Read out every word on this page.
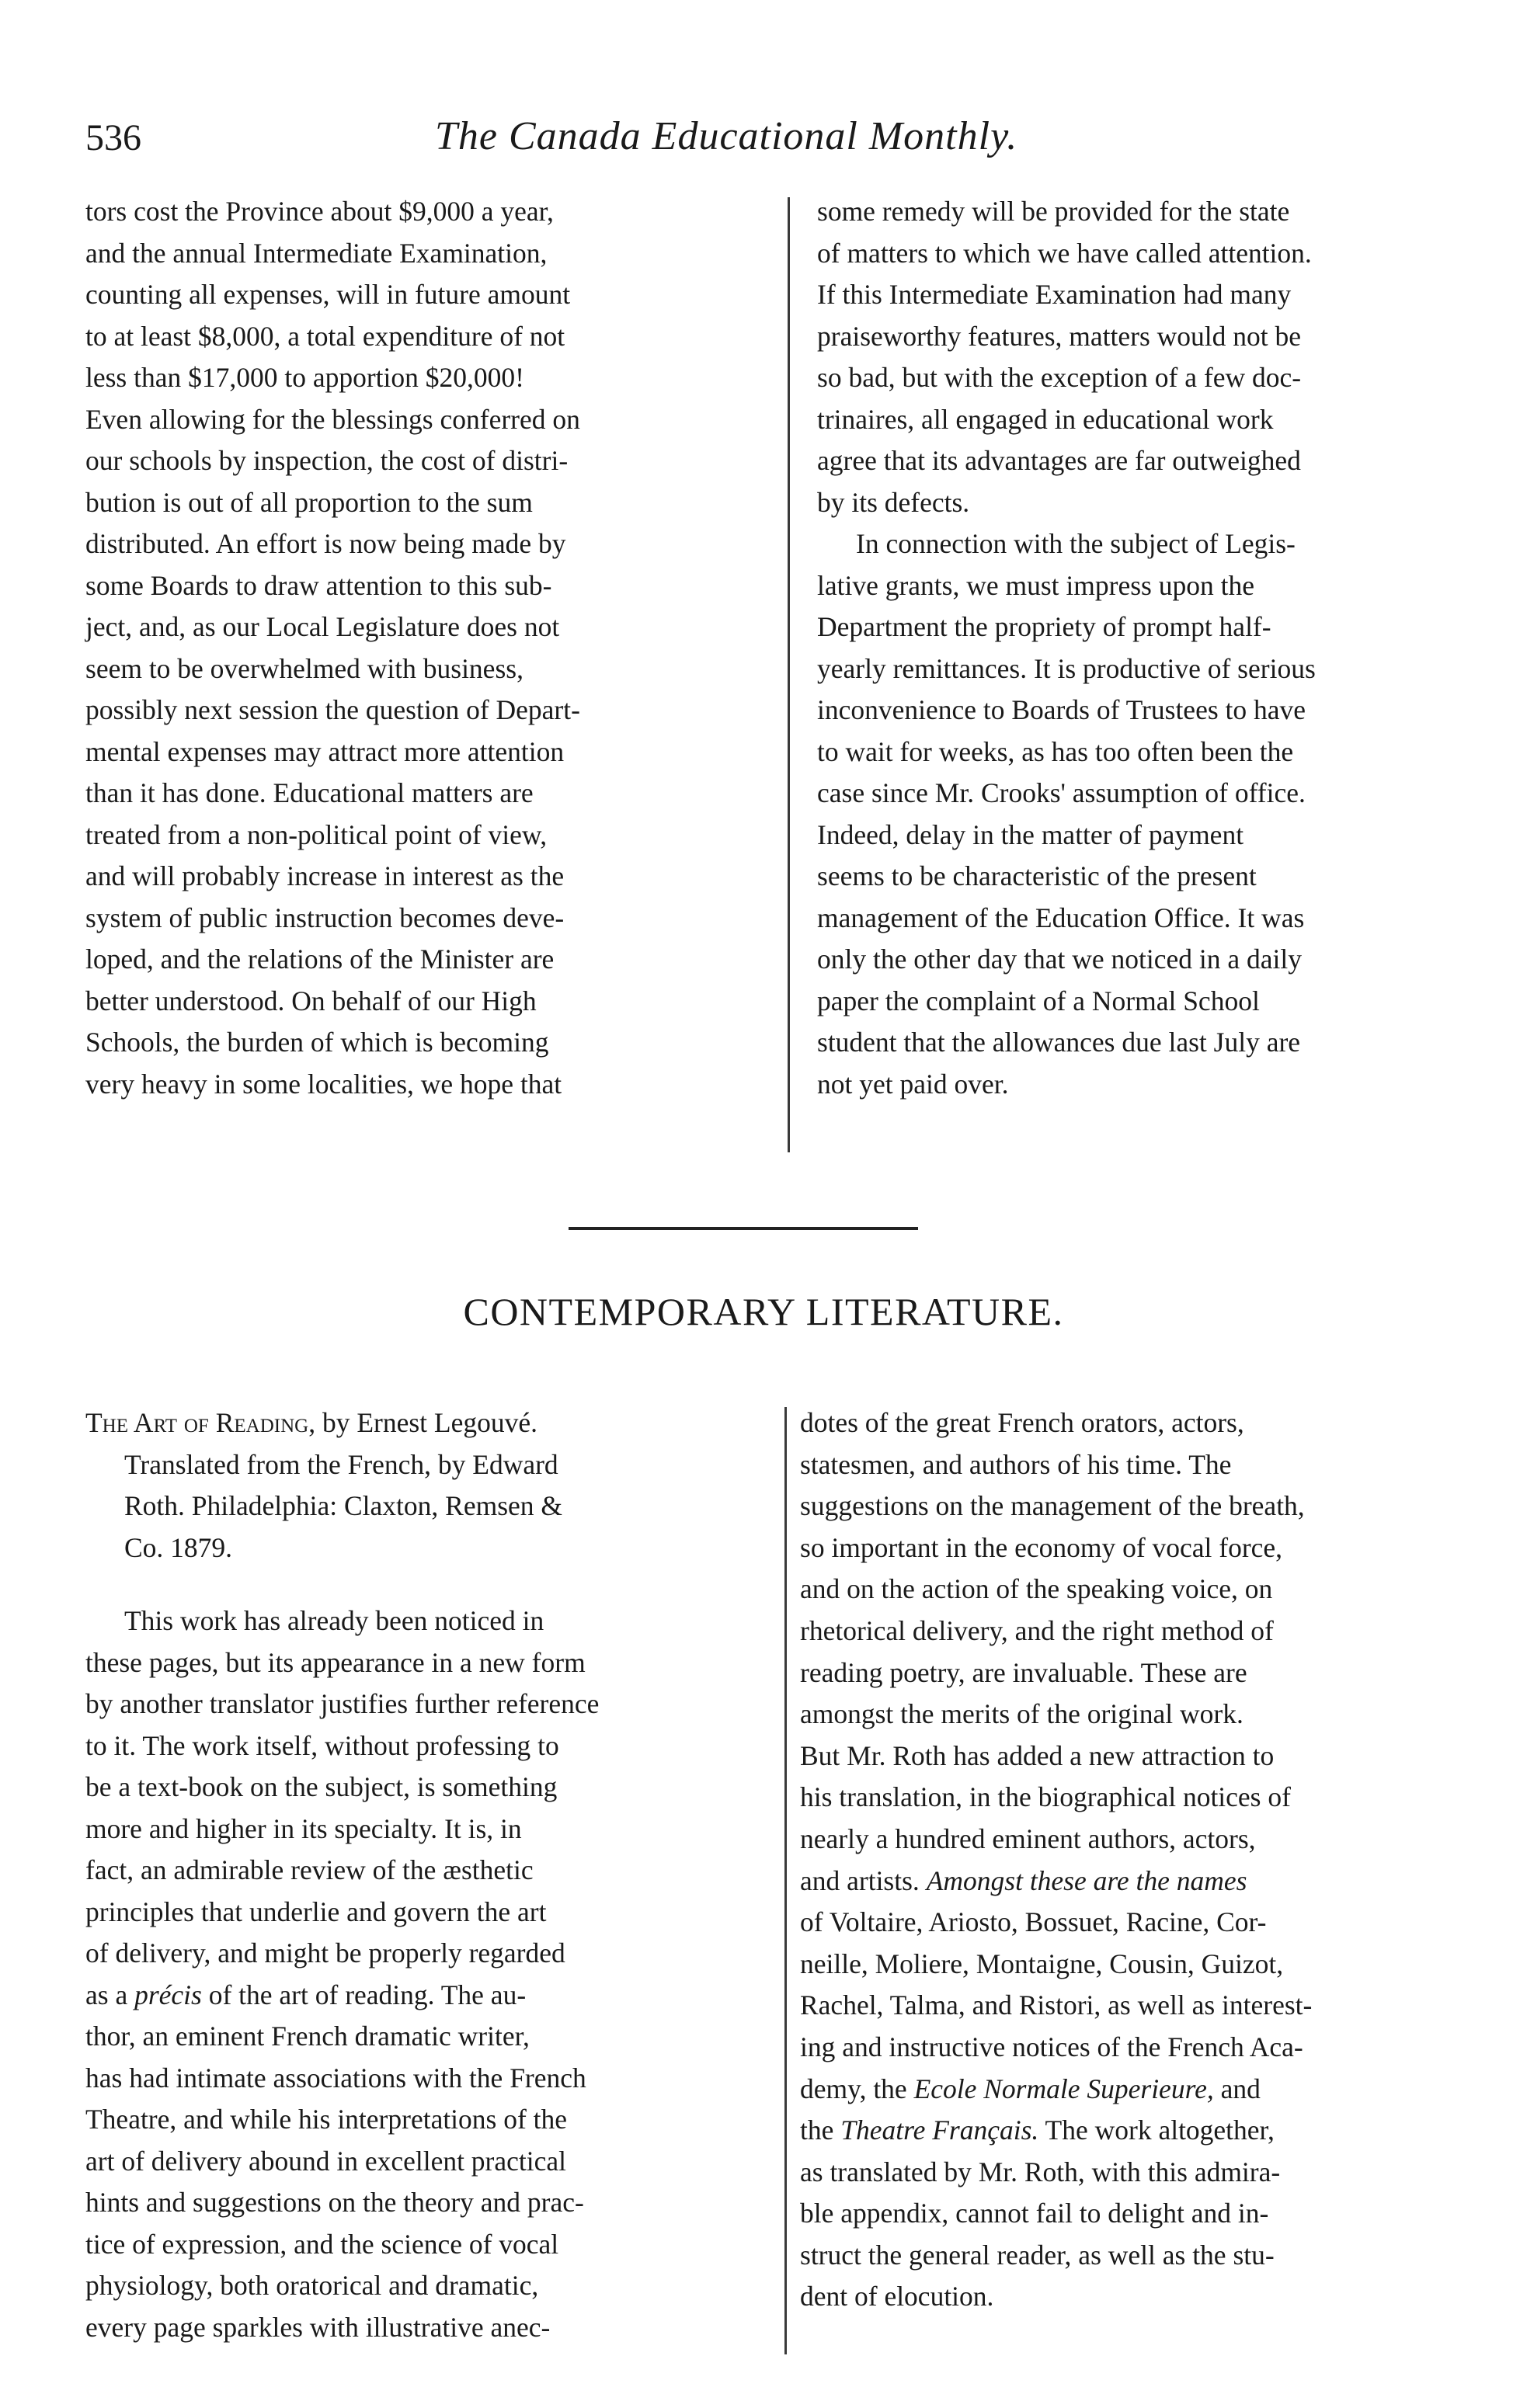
536	The Canada Educational Monthly.
tors cost the Province about $9,000 a year,
and the annual Intermediate Examination,
counting all expenses, will in future amount
to at least $8,000, a total expenditure of not
less than $17,000 to apportion $20,000!
Even allowing for the blessings conferred on
our schools by inspection, the cost of distri-
bution is out of all proportion to the sum
distributed. An effort is now being made by
some Boards to draw attention to this sub-
ject, and, as our Local Legislature does not
seem to be overwhelmed with business,
possibly next session the question of Depart-
mental expenses may attract more attention
than it has done. Educational matters are
treated from a non-political point of view,
and will probably increase in interest as the
system of public instruction becomes deve-
loped, and the relations of the Minister are
better understood. On behalf of our High
Schools, the burden of which is becoming
very heavy in some localities, we hope that
some remedy will be provided for the state
of matters to which we have called attention.
If this Intermediate Examination had many
praiseworthy features, matters would not be
so bad, but with the exception of a few doc-
trinaires, all engaged in educational work
agree that its advantages are far outweighed
by its defects.
In connection with the subject of Legis-
lative grants, we must impress upon the
Department the propriety of prompt half-
yearly remittances. It is productive of serious
inconvenience to Boards of Trustees to have
to wait for weeks, as has too often been the
case since Mr. Crooks' assumption of office.
Indeed, delay in the matter of payment
seems to be characteristic of the present
management of the Education Office. It was
only the other day that we noticed in a daily
paper the complaint of a Normal School
student that the allowances due last July are
not yet paid over.
CONTEMPORARY LITERATURE.
The Art of Reading, by Ernest Legouvé.
Translated from the French, by Edward
Roth. Philadelphia: Claxton, Remsen &
Co. 1879.
This work has already been noticed in
these pages, but its appearance in a new form
by another translator justifies further reference
to it. The work itself, without professing to
be a text-book on the subject, is something
more and higher in its specialty. It is, in
fact, an admirable review of the æsthetic
principles that underlie and govern the art
of delivery, and might be properly regarded
as a précis of the art of reading. The au-
thor, an eminent French dramatic writer,
has had intimate associations with the French
Theatre, and while his interpretations of the
art of delivery abound in excellent practical
hints and suggestions on the theory and prac-
tice of expression, and the science of vocal
physiology, both oratorical and dramatic,
every page sparkles with illustrative anec-
dotes of the great French orators, actors,
statesmen, and authors of his time. The
suggestions on the management of the breath,
so important in the economy of vocal force,
and on the action of the speaking voice, on
rhetorical delivery, and the right method of
reading poetry, are invaluable. These are
amongst the merits of the original work.
But Mr. Roth has added a new attraction to
his translation, in the biographical notices of
nearly a hundred eminent authors, actors,
and artists. Amongst these are the names
of Voltaire, Ariosto, Bossuet, Racine, Cor-
neille, Moliere, Montaigne, Cousin, Guizot,
Rachel, Talma, and Ristori, as well as interest-
ing and instructive notices of the French Aca-
demy, the Ecole Normale Superieure, and
the Theatre Français. The work altogether,
as translated by Mr. Roth, with this admira-
ble appendix, cannot fail to delight and in-
struct the general reader, as well as the stu-
dent of elocution.
